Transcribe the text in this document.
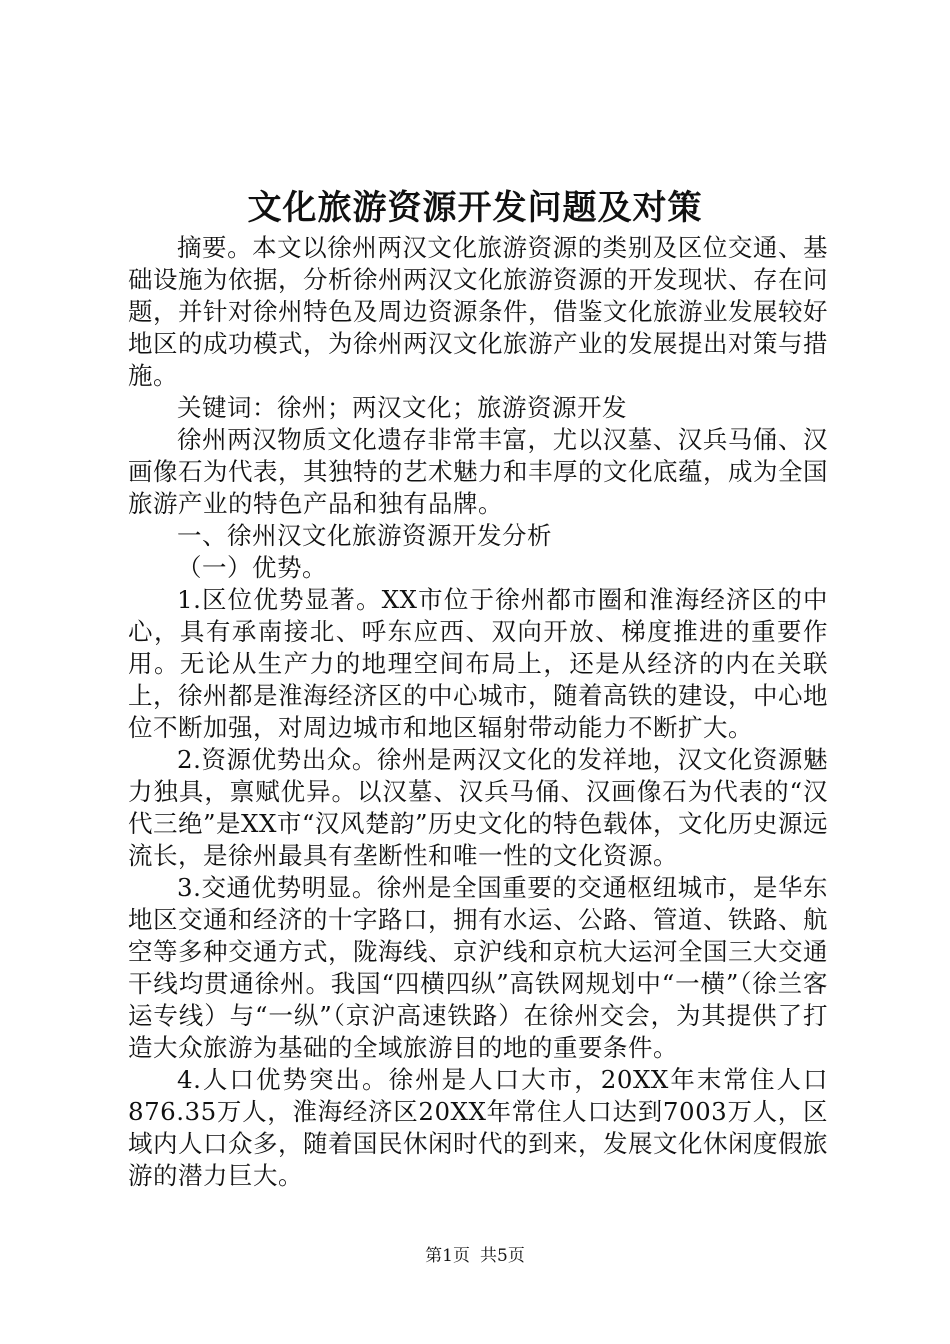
文化旅游资源开发问题及对策

摘要。本文以徐州两汉文化旅游资源的类别及区位交通、基础设施为依据，分析徐州两汉文化旅游资源的开发现状、存在问题，并针对徐州特色及周边资源条件，借鉴文化旅游业发展较好地区的成功模式，为徐州两汉文化旅游产业的发展提出对策与措施。

关键词：徐州；两汉文化；旅游资源开发

徐州两汉物质文化遗存非常丰富，尤以汉墓、汉兵马俑、汉画像石为代表，其独特的艺术魅力和丰厚的文化底蕴，成为全国旅游产业的特色产品和独有品牌。

一、徐州汉文化旅游资源开发分析

（一）优势。

1.区位优势显著。XX市位于徐州都市圈和淮海经济区的中心，具有承南接北、呼东应西、双向开放、梯度推进的重要作用。无论从生产力的地理空间布局上，还是从经济的内在关联上，徐州都是淮海经济区的中心城市，随着高铁的建设，中心地位不断加强，对周边城市和地区辐射带动能力不断扩大。

2.资源优势出众。徐州是两汉文化的发祥地，汉文化资源魅力独具，禀赋优异。以汉墓、汉兵马俑、汉画像石为代表的“汉代三绝”是XX市“汉风楚韵”历史文化的特色载体，文化历史源远流长，是徐州最具有垄断性和唯一性的文化资源。

3.交通优势明显。徐州是全国重要的交通枢纽城市，是华东地区交通和经济的十字路口，拥有水运、公路、管道、铁路、航空等多种交通方式，陇海线、京沪线和京杭大运河全国三大交通干线均贯通徐州。我国“四横四纵”高铁网规划中“一横”（徐兰客运专线）与“一纵”（京沪高速铁路）在徐州交会，为其提供了打造大众旅游为基础的全域旅游目的地的重要条件。

4.人口优势突出。徐州是人口大市，20XX年末常住人口876.35万人，淮海经济区20XX年常住人口达到7003万人，区域内人口众多，随着国民休闲时代的到来，发展文化休闲度假旅游的潜力巨大。

第1页 共5页
